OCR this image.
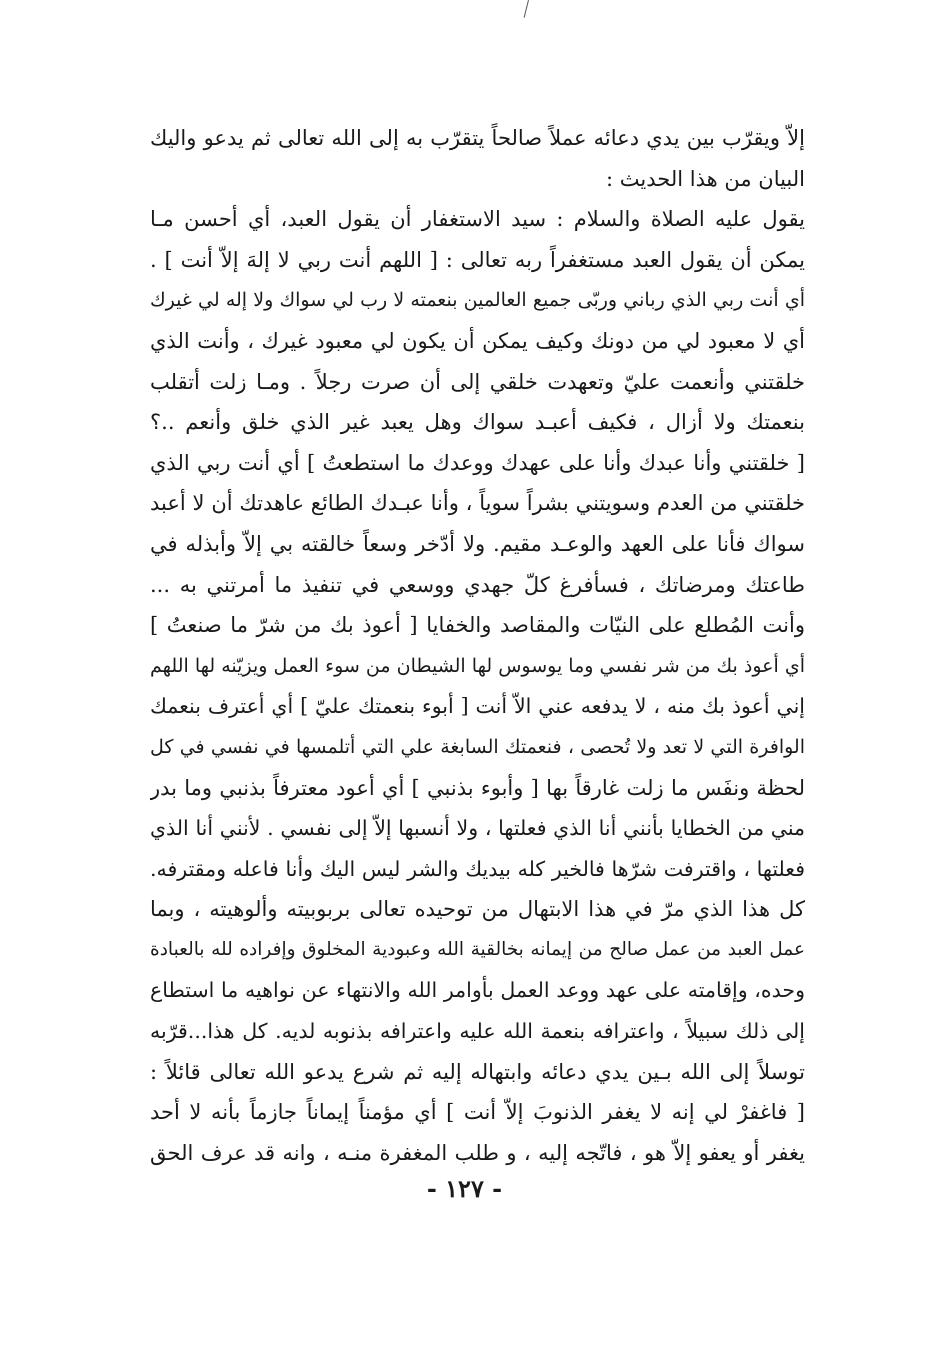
إلاّ ويقرّب بين يدي دعائه عملاً صالحاً يتقرّب به إلى الله تعالى ثم يدعو واليك
البيان من هذا الحديث :
يقول عليه الصلاة والسلام : سيد الاستغفار أن يقول العبد، أي أحسن مـا
يمكن أن يقول العبد مستغفراً ربه تعالى : [ اللهم أنت ربي لا إلهَ إلاّ أنت ] .
أي أنت ربي الذي رباني وربّى جميع العالمين بنعمته لا رب لي سواك ولا إله لي غيرك
أي لا معبود لي من دونك وكيف يمكن أن يكون لي معبود غيرك ، وأنت الذي
خلقتني وأنعمت عليّ وتعهدت خلقي إلى أن صرت رجلاً . ومـا زلت أتقلب
بنعمتك ولا أزال ، فكيف أعبـد سواك وهل يعبد غير الذي خلق وأنعم ..؟
[ خلقتني وأنا عبدك وأنا على عهدك ووعدك ما استطعتُ ] أي أنت ربي الذي
خلقتني من العدم وسويتني بشراً سوياً ، وأنا عبـدك الطائع عاهدتك أن لا أعبد
سواك فأنا على العهد والوعـد مقيم. ولا أدّخر وسعاً خالقته بي إلاّ وأبذله في
طاعتك ومرضاتك ، فسأفرغ كلّ جهدي ووسعي في تنفيذ ما أمرتني به ...
وأنت المُطلع على النيّات والمقاصد والخفايا [ أعوذ بك من شرّ ما صنعتُ ]
أي أعوذ بك من شر نفسي وما يوسوس لها الشيطان من سوء العمل ويزيّنه لها اللهم
إني أعوذ بك منه ، لا يدفعه عني الاّ أنت [ أبوء بنعمتك عليّ ] أي أعترف بنعمك
الوافرة التي لا تعد ولا تُحصى ، فنعمتك السابغة علي التي أتلمسها في نفسي في كل
لحظة ونفَس ما زلت غارقاً بها [ وأبوء بذنبي ] أي أعود معترفاً بذنبي وما بدر
مني من الخطايا بأنني أنا الذي فعلتها ، ولا أنسبها إلاّ إلى نفسي . لأنني أنا الذي
فعلتها ، واقترفت شرّها فالخير كله بيديك والشر ليس اليك وأنا فاعله ومقترفه.
كل هذا الذي مرّ في هذا الابتهال من توحيده تعالى بربوبيته وألوهيته ، وبما
عمل العبد من عمل صالح من إيمانه بخالقية الله وعبودية المخلوق وإفراده لله بالعبادة
وحده، وإقامته على عهد ووعد العمل بأوامر الله والانتهاء عن نواهيه ما استطاع
إلى ذلك سبيلاً ، واعترافه بنعمة الله عليه واعترافه بذنوبه لديه. كل هذا...قرّبه
توسلاً إلى الله بـين يدي دعائه وابتهاله إليه ثم شرع يدعو الله تعالى قائلاً :
[ فاغفرْ لي إنه لا يغفر الذنوبَ إلاّ أنت ] أي مؤمناً إيماناً جازماً بأنه لا أحد
يغفر أو يعفو إلاّ هو ، فاتّجه إليه ، و طلب المغفرة منـه ، وانه قد عرف الحق
- ١٢٧ -
